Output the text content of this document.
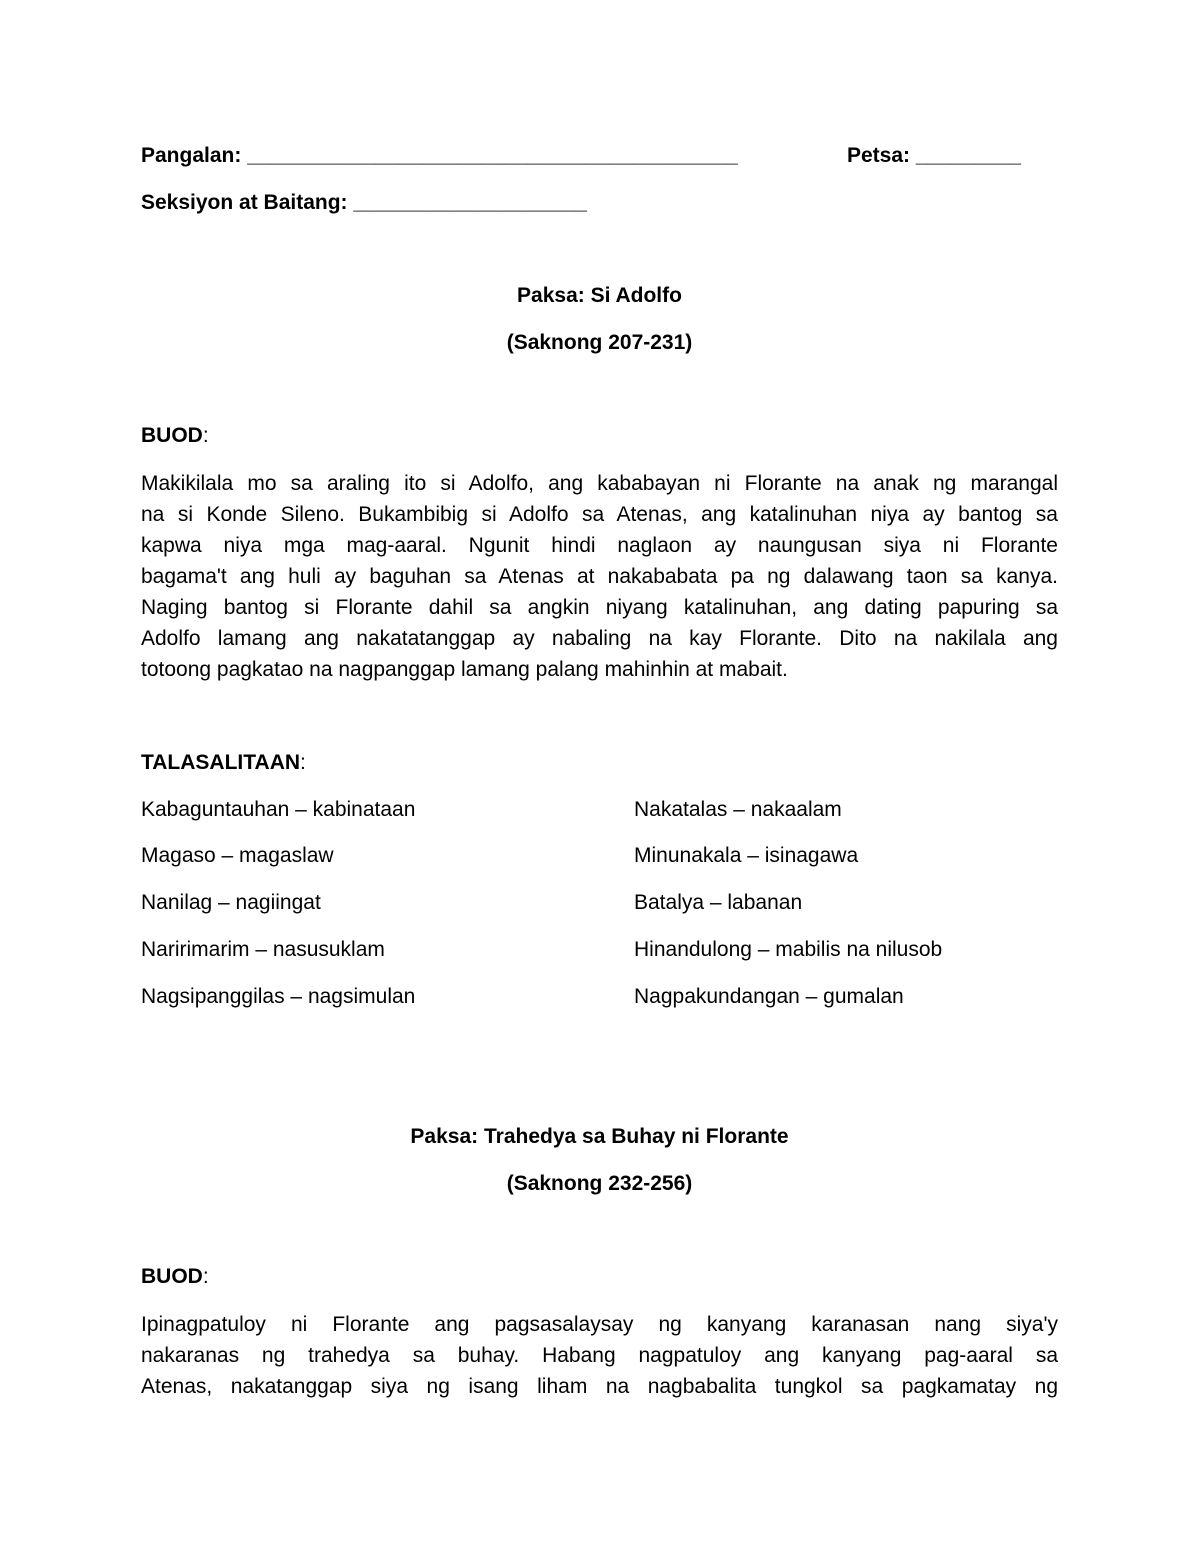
Pangalan: __________________________________________	Petsa: _________
Seksiyon at Baitang: ____________________
Paksa: Si Adolfo
(Saknong 207-231)
BUOD:
Makikilala mo sa araling ito si Adolfo, ang kababayan ni Florante na anak ng marangal
na si Konde Sileno. Bukambibig si Adolfo sa Atenas, ang katalinuhan niya ay bantog sa
kapwa niya mga mag-aaral. Ngunit hindi naglaon ay naungusan siya ni Florante
bagama't ang huli ay baguhan sa Atenas at nakababata pa ng dalawang taon sa kanya.
Naging bantog si Florante dahil sa angkin niyang katalinuhan, ang dating papuring sa
Adolfo lamang ang nakatatanggap ay nabaling na kay Florante. Dito na nakilala ang
totoong pagkatao na nagpanggap lamang palang mahinhin at mabait.
TALASALITAAN:
Kabaguntauhan – kabinataan
Magaso – magaslaw
Nanilag – nagiingat
Naririmarim – nasusuklam
Nagsipanggilas – nagsimulan
Nakatalas – nakaalam
Minunakala – isinagawa
Batalya – labanan
Hinandulong – mabilis na nilusob
Nagpakundangan – gumalan
Paksa: Trahedya sa Buhay ni Florante
(Saknong 232-256)
BUOD:
Ipinagpatuloy ni Florante ang pagsasalaysay ng kanyang karanasan nang siya'y
nakaranas ng trahedya sa buhay. Habang nagpatuloy ang kanyang pag-aaral sa
Atenas, nakatanggap siya ng isang liham na nagbabalita tungkol sa pagkamatay ng
